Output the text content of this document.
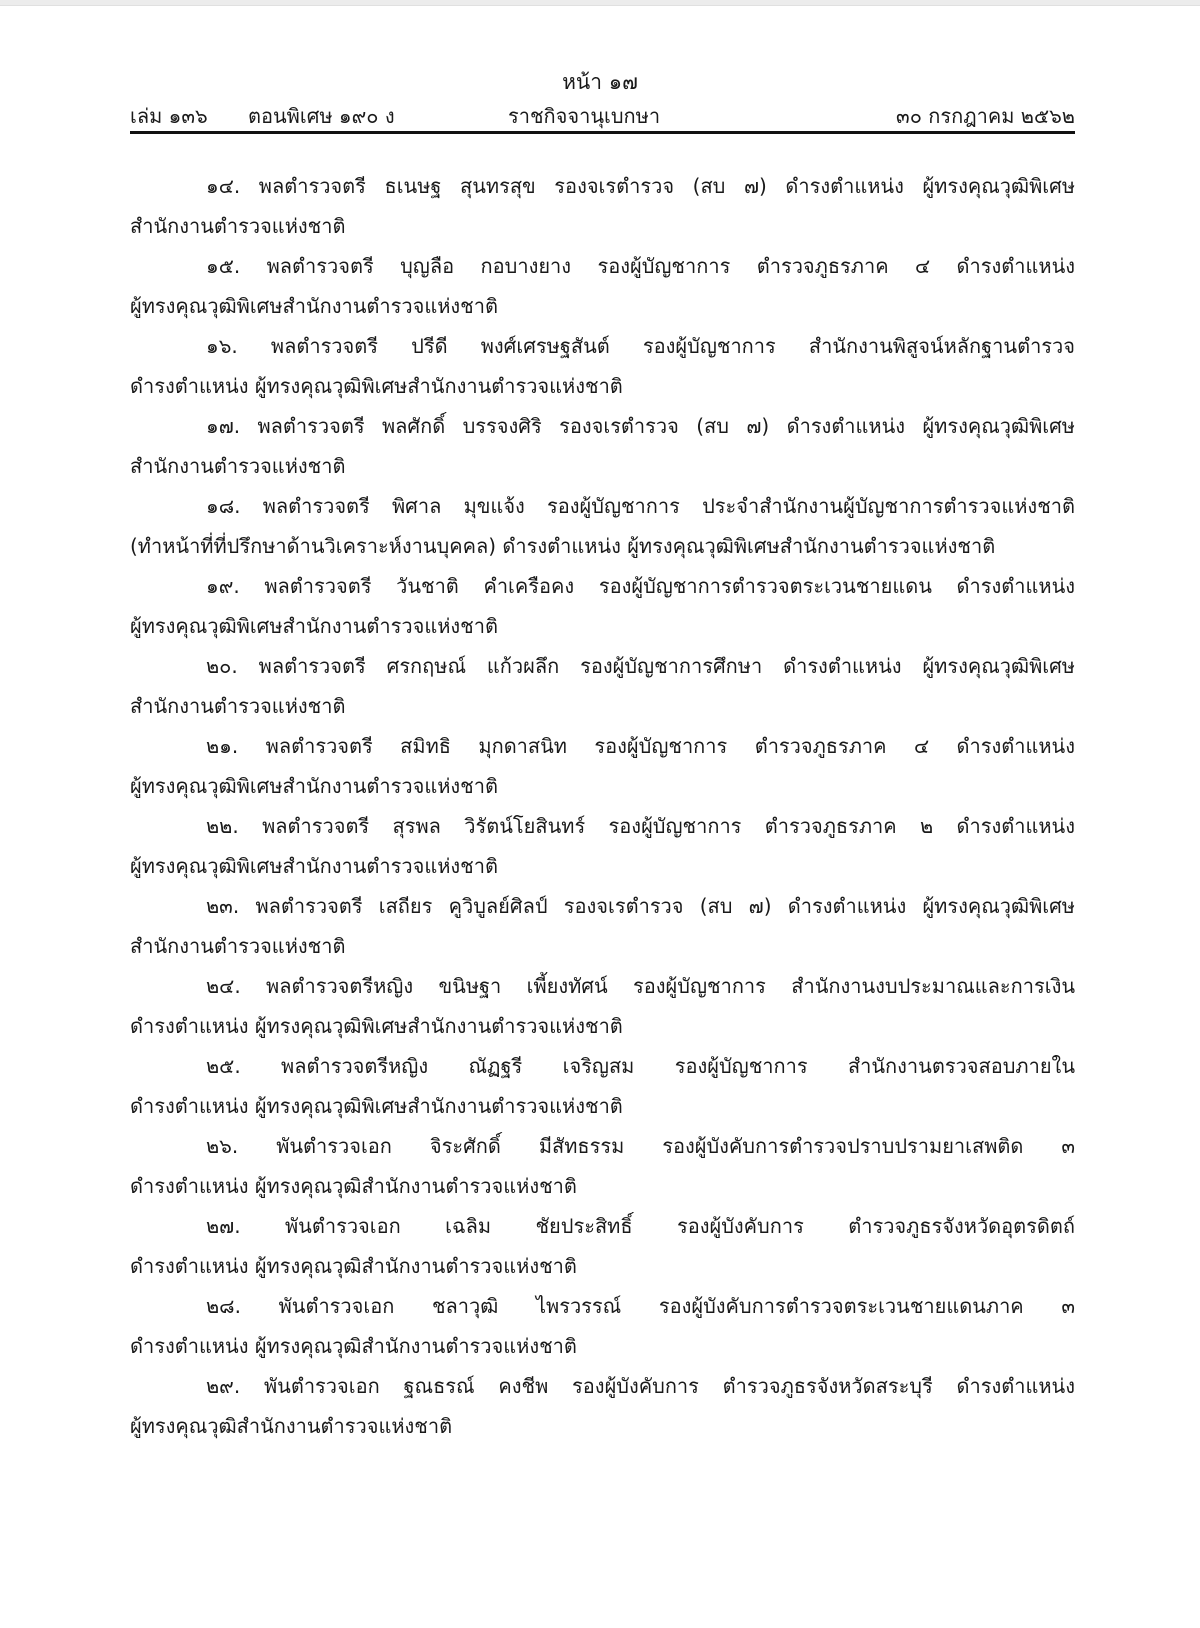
หน้า ๑๗
เล่ม ๑๓๖ ตอนพิเศษ ๑๙๐ ง	ราชกิจจานุเบกษา	๓๐ กรกฎาคม ๒๕๖๒
๑๔. พลตำรวจตรี ธเนษฐ สุนทรสุข รองจเรตำรวจ (สบ ๗) ดำรงตำแหน่ง ผู้ทรงคุณวุฒิพิเศษ
สำนักงานตำรวจแห่งชาติ
๑๕. พลตำรวจตรี บุญลือ กอบางยาง รองผู้บัญชาการ ตำรวจภูธรภาค ๔ ดำรงตำแหน่ง
ผู้ทรงคุณวุฒิพิเศษสำนักงานตำรวจแห่งชาติ
๑๖. พลตำรวจตรี ปรีดี พงศ์เศรษฐสันต์ รองผู้บัญชาการ สำนักงานพิสูจน์หลักฐานตำรวจ
ดำรงตำแหน่ง ผู้ทรงคุณวุฒิพิเศษสำนักงานตำรวจแห่งชาติ
๑๗. พลตำรวจตรี พลศักดิ์ บรรจงศิริ รองจเรตำรวจ (สบ ๗) ดำรงตำแหน่ง ผู้ทรงคุณวุฒิพิเศษ
สำนักงานตำรวจแห่งชาติ
๑๘. พลตำรวจตรี พิศาล มุขแจ้ง รองผู้บัญชาการ ประจำสำนักงานผู้บัญชาการตำรวจแห่งชาติ
(ทำหน้าที่ที่ปรึกษาด้านวิเคราะห์งานบุคคล) ดำรงตำแหน่ง ผู้ทรงคุณวุฒิพิเศษสำนักงานตำรวจแห่งชาติ
๑๙. พลตำรวจตรี วันชาติ คำเครือคง รองผู้บัญชาการตำรวจตระเวนชายแดน ดำรงตำแหน่ง
ผู้ทรงคุณวุฒิพิเศษสำนักงานตำรวจแห่งชาติ
๒๐. พลตำรวจตรี ศรกฤษณ์ แก้วผลึก รองผู้บัญชาการศึกษา ดำรงตำแหน่ง ผู้ทรงคุณวุฒิพิเศษ
สำนักงานตำรวจแห่งชาติ
๒๑. พลตำรวจตรี สมิทธิ มุกดาสนิท รองผู้บัญชาการ ตำรวจภูธรภาค ๔ ดำรงตำแหน่ง
ผู้ทรงคุณวุฒิพิเศษสำนักงานตำรวจแห่งชาติ
๒๒. พลตำรวจตรี สุรพล วิรัตน์โยสินทร์ รองผู้บัญชาการ ตำรวจภูธรภาค ๒ ดำรงตำแหน่ง
ผู้ทรงคุณวุฒิพิเศษสำนักงานตำรวจแห่งชาติ
๒๓. พลตำรวจตรี เสถียร คูวิบูลย์ศิลป์ รองจเรตำรวจ (สบ ๗) ดำรงตำแหน่ง ผู้ทรงคุณวุฒิพิเศษ
สำนักงานตำรวจแห่งชาติ
๒๔. พลตำรวจตรีหญิง ขนิษฐา เพี้ยงทัศน์ รองผู้บัญชาการ สำนักงานงบประมาณและการเงิน
ดำรงตำแหน่ง ผู้ทรงคุณวุฒิพิเศษสำนักงานตำรวจแห่งชาติ
๒๕. พลตำรวจตรีหญิง ณัฏฐรี เจริญสม รองผู้บัญชาการ สำนักงานตรวจสอบภายใน
ดำรงตำแหน่ง ผู้ทรงคุณวุฒิพิเศษสำนักงานตำรวจแห่งชาติ
๒๖. พันตำรวจเอก จิระศักดิ์ มีสัทธรรม รองผู้บังคับการตำรวจปราบปรามยาเสพติด ๓
ดำรงตำแหน่ง ผู้ทรงคุณวุฒิสำนักงานตำรวจแห่งชาติ
๒๗. พันตำรวจเอก เฉลิม ชัยประสิทธิ์ รองผู้บังคับการ ตำรวจภูธรจังหวัดอุตรดิตถ์
ดำรงตำแหน่ง ผู้ทรงคุณวุฒิสำนักงานตำรวจแห่งชาติ
๒๘. พันตำรวจเอก ชลาวุฒิ ไพรวรรณ์ รองผู้บังคับการตำรวจตระเวนชายแดนภาค ๓
ดำรงตำแหน่ง ผู้ทรงคุณวุฒิสำนักงานตำรวจแห่งชาติ
๒๙. พันตำรวจเอก ฐณธรณ์ คงชีพ รองผู้บังคับการ ตำรวจภูธรจังหวัดสระบุรี ดำรงตำแหน่ง
ผู้ทรงคุณวุฒิสำนักงานตำรวจแห่งชาติ
